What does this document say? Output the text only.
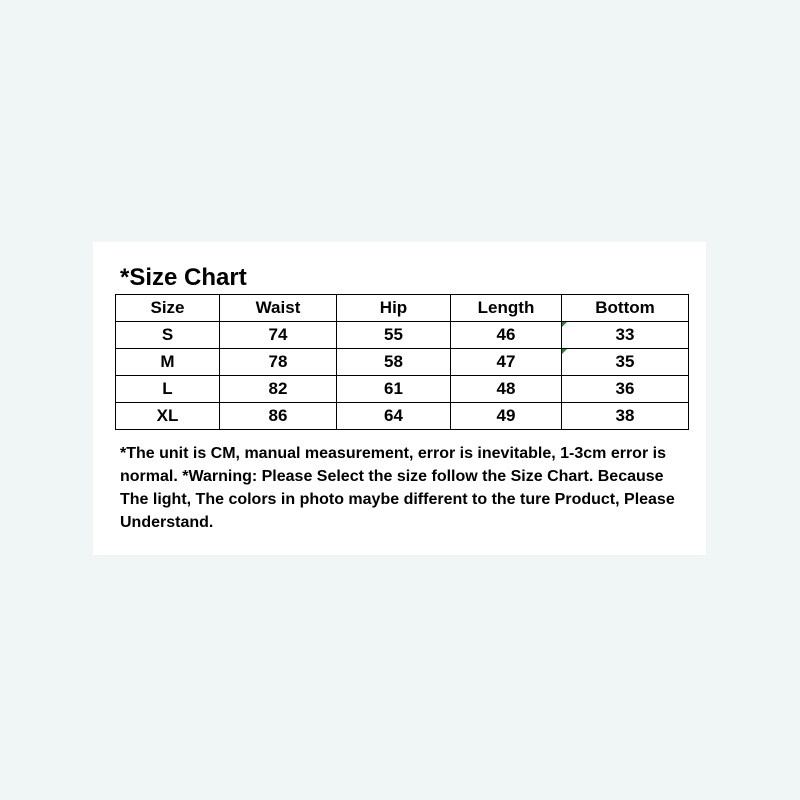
*Size Chart
Size	Waist	Hip	Length	Bottom
S	74	55	46	33
M	78	58	47	35
L	82	61	48	36
XL	86	64	49	38

*The unit is CM, manual measurement, error is inevitable, 1-3cm error is normal. *Warning: Please Select the size follow the Size Chart. Because The light, The colors in photo maybe different to the ture Product, Please Understand.
